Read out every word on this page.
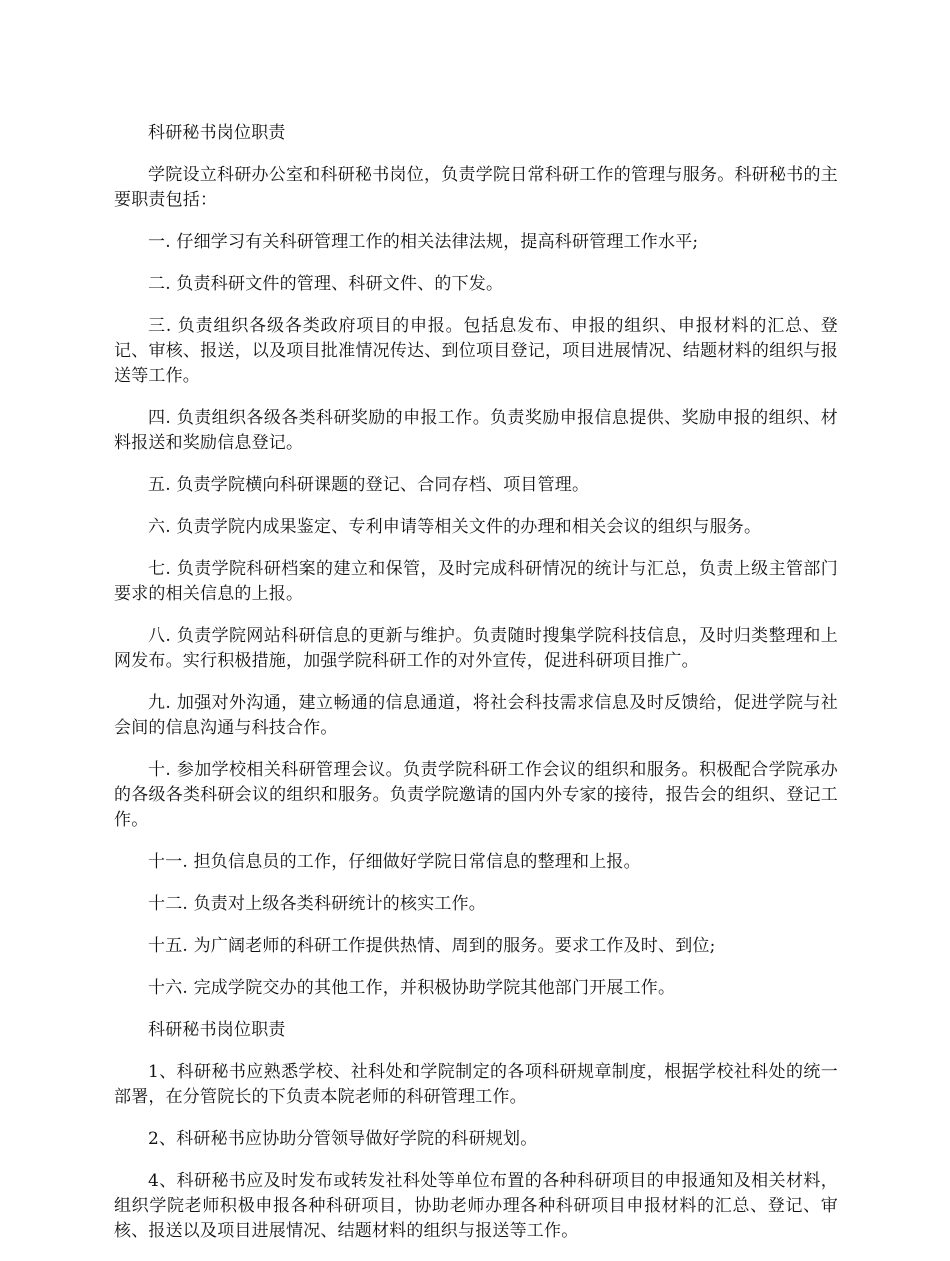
科研秘书岗位职责

学院设立科研办公室和科研秘书岗位，负责学院日常科研工作的管理与服务。科研秘书的主要职责包括：

一. 仔细学习有关科研管理工作的相关法律法规，提高科研管理工作水平;

二. 负责科研文件的管理、科研文件、的下发。

三. 负责组织各级各类政府项目的申报。包括息发布、申报的组织、申报材料的汇总、登记、审核、报送，以及项目批准情况传达、到位项目登记，项目进展情况、结题材料的组织与报送等工作。

四. 负责组织各级各类科研奖励的申报工作。负责奖励申报信息提供、奖励申报的组织、材料报送和奖励信息登记。

五. 负责学院横向科研课题的登记、合同存档、项目管理。

六. 负责学院内成果鉴定、专利申请等相关文件的办理和相关会议的组织与服务。

七. 负责学院科研档案的建立和保管，及时完成科研情况的统计与汇总，负责上级主管部门要求的相关信息的上报。

八. 负责学院网站科研信息的更新与维护。负责随时搜集学院科技信息，及时归类整理和上网发布。实行积极措施，加强学院科研工作的对外宣传，促进科研项目推广。

九. 加强对外沟通，建立畅通的信息通道，将社会科技需求信息及时反馈给，促进学院与社会间的信息沟通与科技合作。

十. 参加学校相关科研管理会议。负责学院科研工作会议的组织和服务。积极配合学院承办的各级各类科研会议的组织和服务。负责学院邀请的国内外专家的接待，报告会的组织、登记工作。

十一. 担负信息员的工作，仔细做好学院日常信息的整理和上报。

十二. 负责对上级各类科研统计的核实工作。

十五. 为广阔老师的科研工作提供热情、周到的服务。要求工作及时、到位;

十六. 完成学院交办的其他工作，并积极协助学院其他部门开展工作。

科研秘书岗位职责

1、科研秘书应熟悉学校、社科处和学院制定的各项科研规章制度，根据学校社科处的统一部署，在分管院长的下负责本院老师的科研管理工作。

2、科研秘书应协助分管领导做好学院的科研规划。

4、科研秘书应及时发布或转发社科处等单位布置的各种科研项目的申报通知及相关材料，组织学院老师积极申报各种科研项目，协助老师办理各种科研项目申报材料的汇总、登记、审核、报送以及项目进展情况、结题材料的组织与报送等工作。
